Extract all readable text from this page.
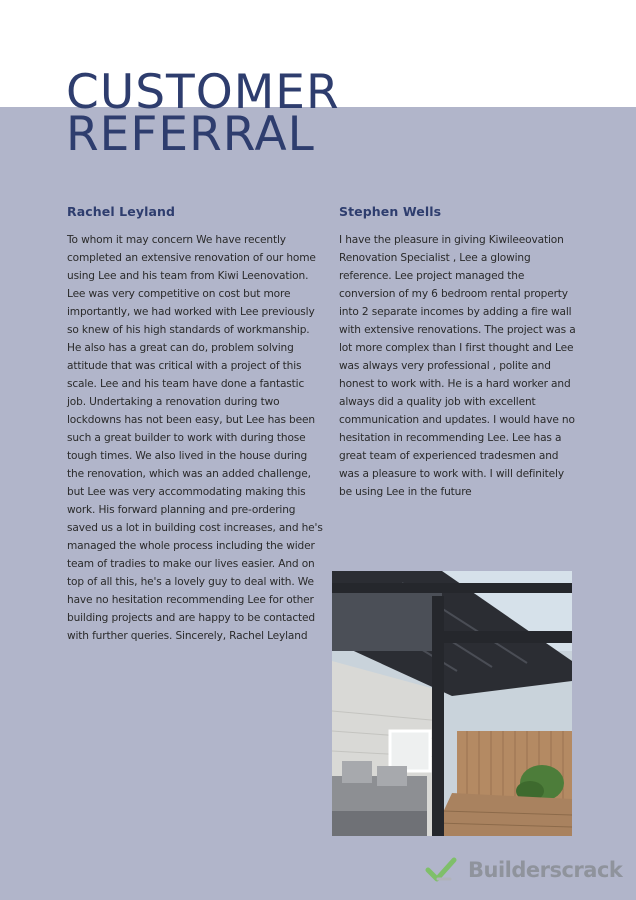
CUSTOMER
REFERRAL
Rachel Leyland

To whom it may concern We have recently completed an extensive renovation of our home using Lee and his team from Kiwi Leenovation. Lee was very competitive on cost but more importantly, we had worked with Lee previously so knew of his high standards of workmanship. He also has a great can do, problem solving attitude that was critical with a project of this scale. Lee and his team have done a fantastic job. Undertaking a renovation during two lockdowns has not been easy, but Lee has been such a great builder to work with during those tough times. We also lived in the house during the renovation, which was an added challenge, but Lee was very accommodating making this work. His forward planning and pre-ordering saved us a lot in building cost increases, and he's managed the whole process including the wider team of tradies to make our lives easier. And on top of all this, he's a lovely guy to deal with. We have no hesitation recommending Lee for other building projects and are happy to be contacted with further queries. Sincerely, Rachel Leyland

Stephen Wells

I have the pleasure in giving Kiwileeovation Renovation Specialist , Lee a glowing reference. Lee project managed the conversion of my 6 bedroom rental property into 2 separate incomes by adding a fire wall with extensive renovations. The project was a lot more complex than I first thought and Lee was always very professional , polite and honest to work with. He is a hard worker and always did a quality job with excellent communication and updates. I would have no hesitation in recommending Lee. Lee has a great team of experienced tradesmen and was a pleasure to work with. I will definitely be using Lee in the future

Builderscrack
